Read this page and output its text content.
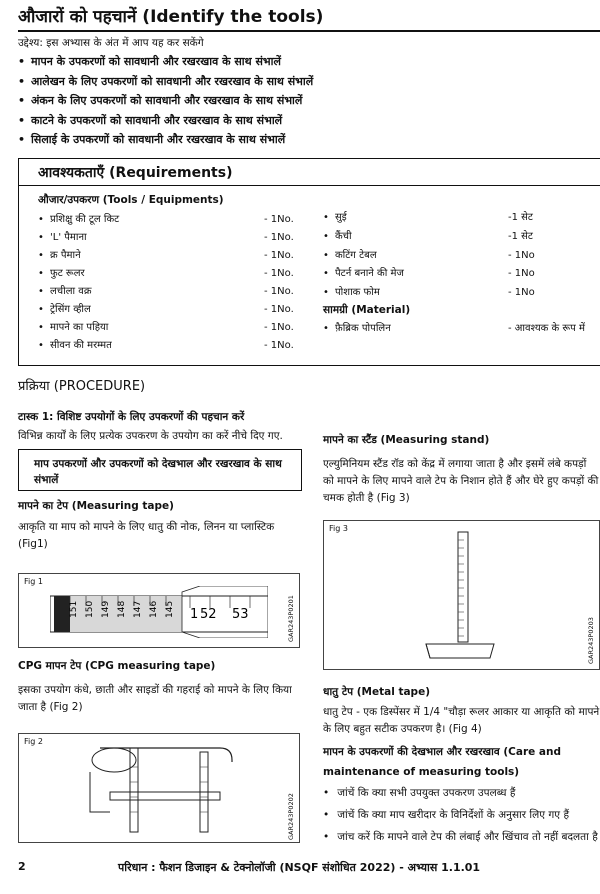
औजारों को पहचानें (Identify the tools)
उद्देश्य: इस अभ्यास के अंत में आप यह कर सकेंगे
• मापन के उपकरणों को सावधानी और रखरखाव के साथ संभालें
• आलेखन के लिए उपकरणों को सावधानी और रखरखाव के साथ संभालें
• अंकन के लिए उपकरणों को सावधानी और रखरखाव के साथ संभालें
• काटने के उपकरणों को सावधानी और रखरखाव के साथ संभालें
• सिलाई के उपकरणों को सावधानी और रखरखाव के साथ संभालें
आवश्यकताएँ (Requirements)
औजार/उपकरण (Tools / Equipments)
• प्रशिक्षु की टूल किट	- 1No.
• 'L' पैमाना	- 1No.
• क्र पैमाने	- 1No.
• फुट रूलर	- 1No.
• लचीला वक्र	- 1No.
• ट्रेसिंग व्हील	- 1No.
• मापने का पहिया	- 1No.
• सीवन की मरम्मत	- 1No.
• सुई	-1 सेट
• कैंची	-1 सेट
• कटिंग टेबल	- 1No
• पैटर्न बनाने की मेज	- 1No
• पोशाक फोम	- 1No
सामग्री (Material)
• फ़ैब्रिक पोपलिन	- आवश्यक के रूप में
प्रक्रिया (PROCEDURE)
टास्क 1: विशिष्ट उपयोगों के लिए उपकरणों की पहचान करें
विभिन्न कार्यों के लिए प्रत्येक उपकरण के उपयोग का करें नीचे दिए गए.
माप उपकरणों और उपकरणों को देखभाल और रखरखाव के साथ संभालें
मापने का टेप (Measuring tape)
आकृति या माप को मापने के लिए धातु की नोक, लिनन या प्लास्टिक (Fig1)
Fig 1
151 150 149 148 147 146 145 1 52 53	GAR243P0201
CPG मापन टेप (CPG measuring tape)
इसका उपयोग कंधे, छाती और साइडों की गहराई को मापने के लिए किया जाता है (Fig 2)
Fig 2
GAR243P0202
मापने का स्टैंड (Measuring stand)
एल्युमिनियम स्टैंड रॉड को केंद्र में लगाया जाता है और इसमें लंबे कपड़ों को मापने के लिए मापने वाले टेप के निशान होते हैं और घेरे हुए कपड़ों की चमक होती है (Fig 3)
Fig 3
GAR243P0203
धातु टेप (Metal tape)
धातु टेप - एक डिस्पेंसर में 1/4 "चौड़ा रूलर आकार या आकृति को मापने के लिए बहुत सटीक उपकरण है। (Fig 4)
मापन के उपकरणों की देखभाल और रखरखाव (Care and maintenance of measuring tools)
• जांचें कि क्या सभी उपयुक्त उपकरण उपलब्ध हैं
• जांचें कि क्या माप खरीदार के विनिर्देशों के अनुसार लिए गए हैं
• जांच करें कि मापने वाले टेप की लंबाई और खिंचाव तो नहीं बदलता है
2	परिधान : फैशन डिजाइन & टेक्नोलॉजी (NSQF संशोधित 2022) - अभ्यास 1.1.01
